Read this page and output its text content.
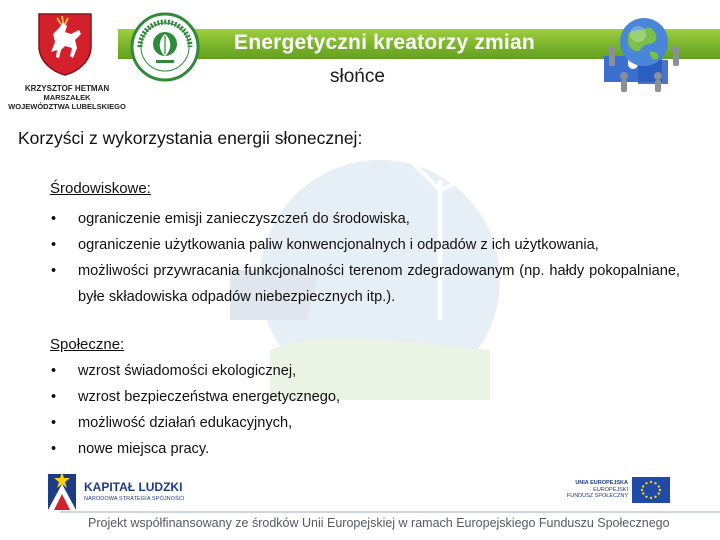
Energetyczni kreatorzy zmian
słońce
KRZYSZTOF HETMAN
MARSZAŁEK
WOJEWÓDZTWA LUBELSKIEGO
Korzyści z wykorzystania energii słonecznej:
Środowiskowe:
• ograniczenie emisji zanieczyszczeń do środowiska,
• ograniczenie użytkowania paliw konwencjonalnych i odpadów z ich użytkowania,
• możliwości przywracania funkcjonalności terenom zdegradowanym (np. hałdy pokopalniane, byłe składowiska odpadów niebezpiecznych itp.).
Społeczne:
• wzrost świadomości ekologicznej,
• wzrost bezpieczeństwa energetycznego,
• możliwość działań edukacyjnych,
• nowe miejsca pracy.
KAPITAŁ LUDZKI
NARODOWA STRATEGIA SPÓJNOŚCI
UNIA EUROPEJSKA
EUROPEJSKI
FUNDUSZ SPOŁECZNY
Projekt współfinansowany ze środków Unii Europejskiej w ramach Europejskiego Funduszu Społecznego
